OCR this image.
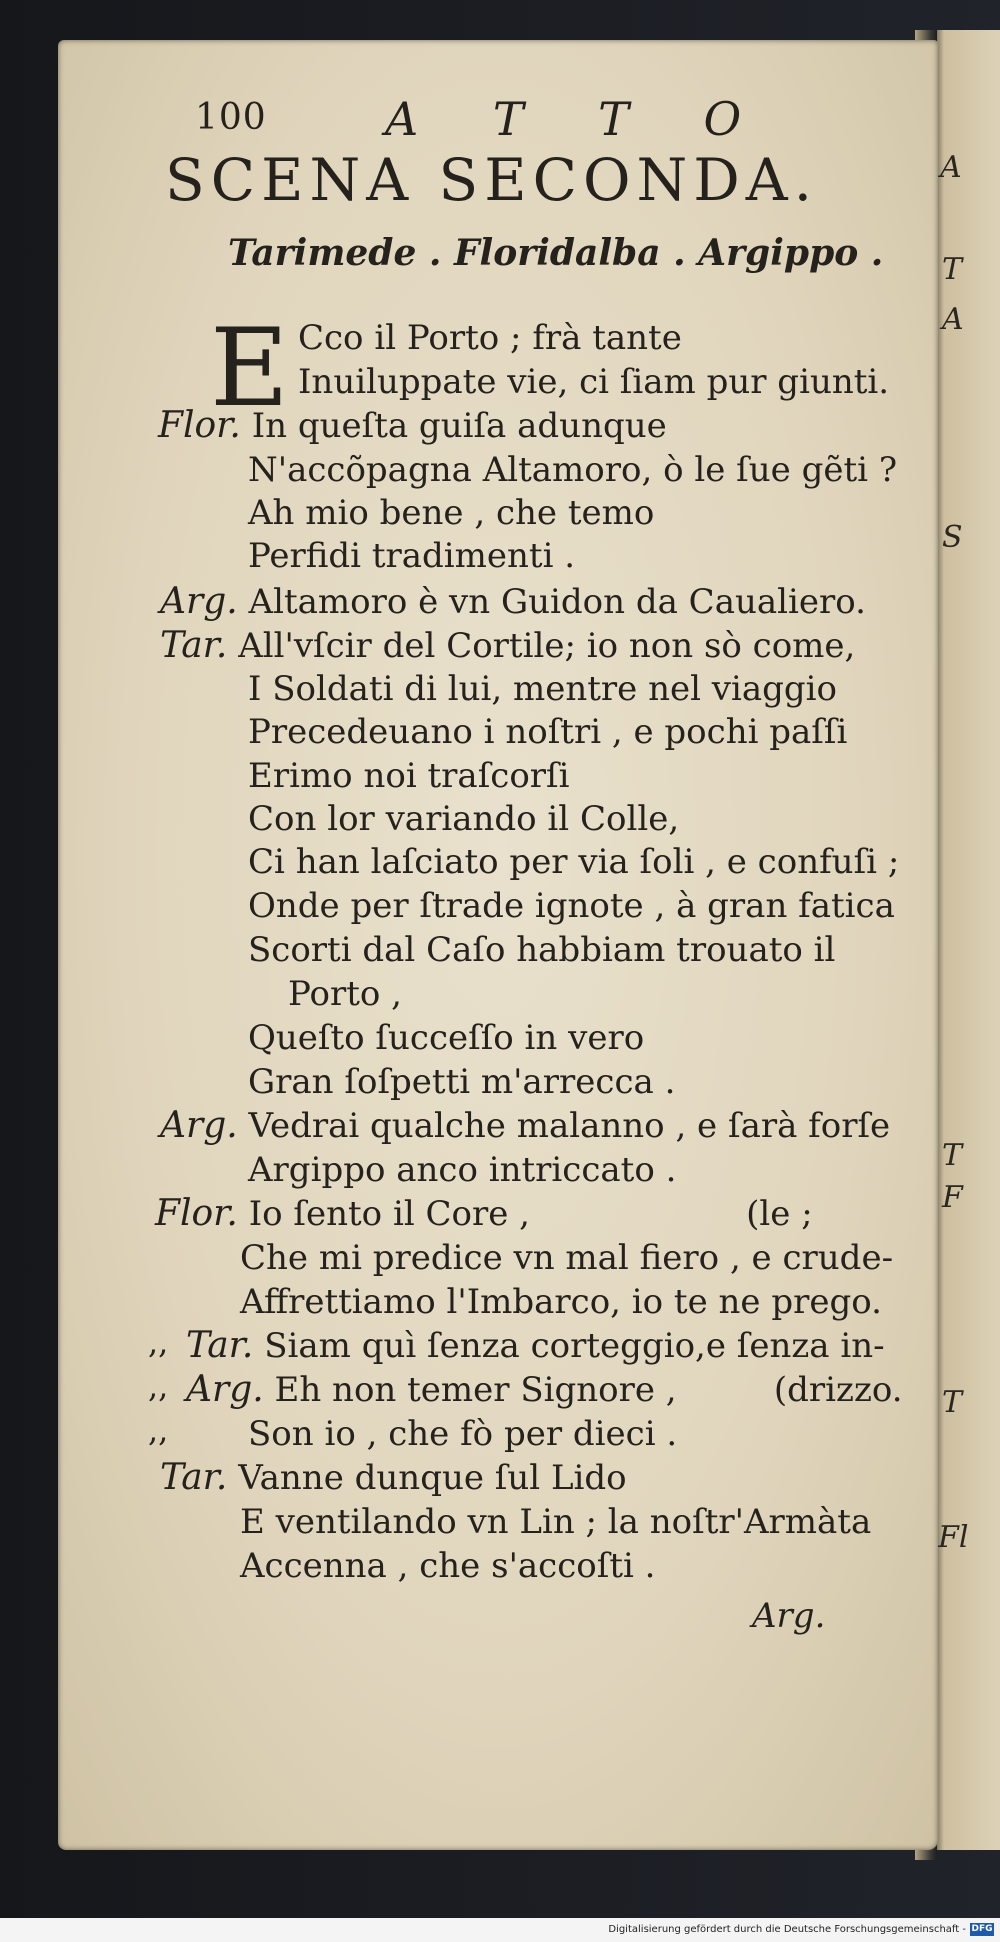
A
T
A
S
T
F
T
Fl
100	A T T O
SCENA SECONDA.
Tarimede . Floridalba . Argippo .
E Cco il Porto ; frà tante
Inuiluppate vie, ci ſiam pur giunti.
Flor. In queſta guiſa adunque
N'accõpagna Altamoro, ò le ſue gẽti ?
Ah mio bene , che temo
Perfidi tradimenti .
Arg. Altamoro è vn Guidon da Caualiero.
Tar. All'vſcir del Cortile; io non sò come,
I Soldati di lui, mentre nel viaggio
Precedeuano i noſtri , e pochi paſſi
Erimo noi traſcorſi
Con lor variando il Colle,
Ci han laſciato per via ſoli , e confuſi ;
Onde per ſtrade ignote , à gran fatica
Scorti dal Caſo habbiam trouato il
Porto ,
Queſto ſucceſſo in vero
Gran ſoſpetti m'arrecca .
Arg. Vedrai qualche malanno , e ſarà forſe
Argippo anco intriccato .
Flor. Io ſento il Core ,                    (le ;
Che mi predice vn mal fiero , e crude-
Affrettiamo l'Imbarco, io te ne prego.
,, Tar. Siam quì ſenza corteggio,e ſenza in-
,, Arg. Eh non temer Signore ,         (drizzo.
,, Son io , che fò per dieci .
Tar. Vanne dunque ſul Lido
E ventilando vn Lin ; la noſtr'Armàta
Accenna , che s'accoſti .
Arg.
Digitalisierung gefördert durch die Deutsche Forschungsgemeinschaft - DFG
